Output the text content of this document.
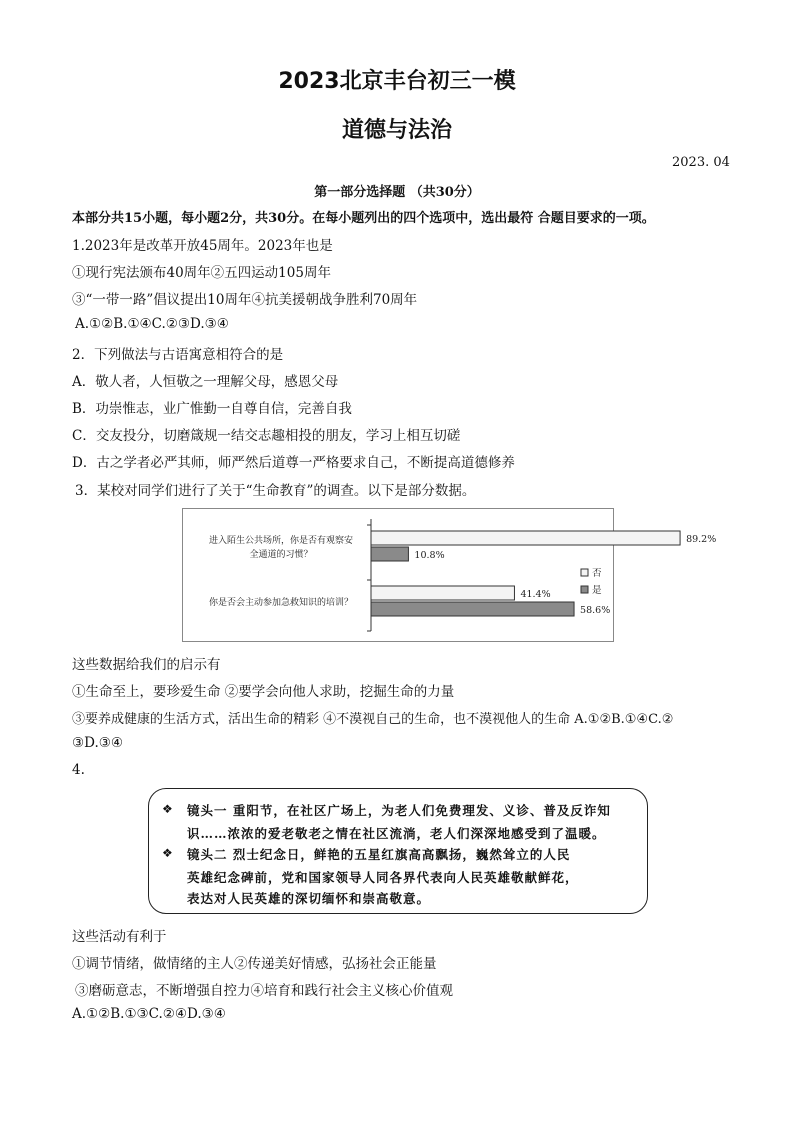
2023北京丰台初三一模
道德与法治
2023. 04
第一部分选择题 （共30分）
本部分共15小题，每小题2分，共30分。在每小题列出的四个选项中，选出最符 合题目要求的一项。
1.2023年是改革开放45周年。2023年也是
①现行宪法颁布40周年②五四运动105周年
③“一带一路”倡议提出10周年④抗美援朝战争胜利70周年
A.①②B.①④C.②③D.③④
2．下列做法与古语寓意相符合的是
A．敬人者，人恒敬之一理解父母，感恩父母
B．功崇惟志，业广惟勤一自尊自信，完善自我
C．交友投分，切磨箴规一结交志趣相投的朋友，学习上相互切磋
D．古之学者必严其师，师严然后道尊一严格要求自己，不断提高道德修养
3．某校对同学们进行了关于“生命教育”的调查。以下是部分数据。
进入陌生公共场所，你是否有观察安
全通道的习惯？
89.2%
10.8%
你是否会主动参加急救知识的培训？
41.4%
58.6%
否
是
这些数据给我们的启示有
①生命至上，要珍爱生命 ②要学会向他人求助，挖掘生命的力量
③要养成健康的生活方式，活出生命的精彩 ④不漠视自己的生命，也不漠视他人的生命 A.①②B.①④C.②
③D.③④
4.
❖ 镜头一 重阳节，在社区广场上，为老人们免费理发、义诊、普及反诈知
识……浓浓的爱老敬老之情在社区流淌，老人们深深地感受到了温暖。
❖ 镜头二 烈士纪念日，鲜艳的五星红旗高高飘扬，巍然耸立的人民
英雄纪念碑前，党和国家领导人同各界代表向人民英雄敬献鲜花，
表达对人民英雄的深切缅怀和崇高敬意。
这些活动有利于
①调节情绪，做情绪的主人②传递美好情感，弘扬社会正能量
③磨砺意志，不断增强自控力④培育和践行社会主义核心价值观
A.①②B.①③C.②④D.③④
